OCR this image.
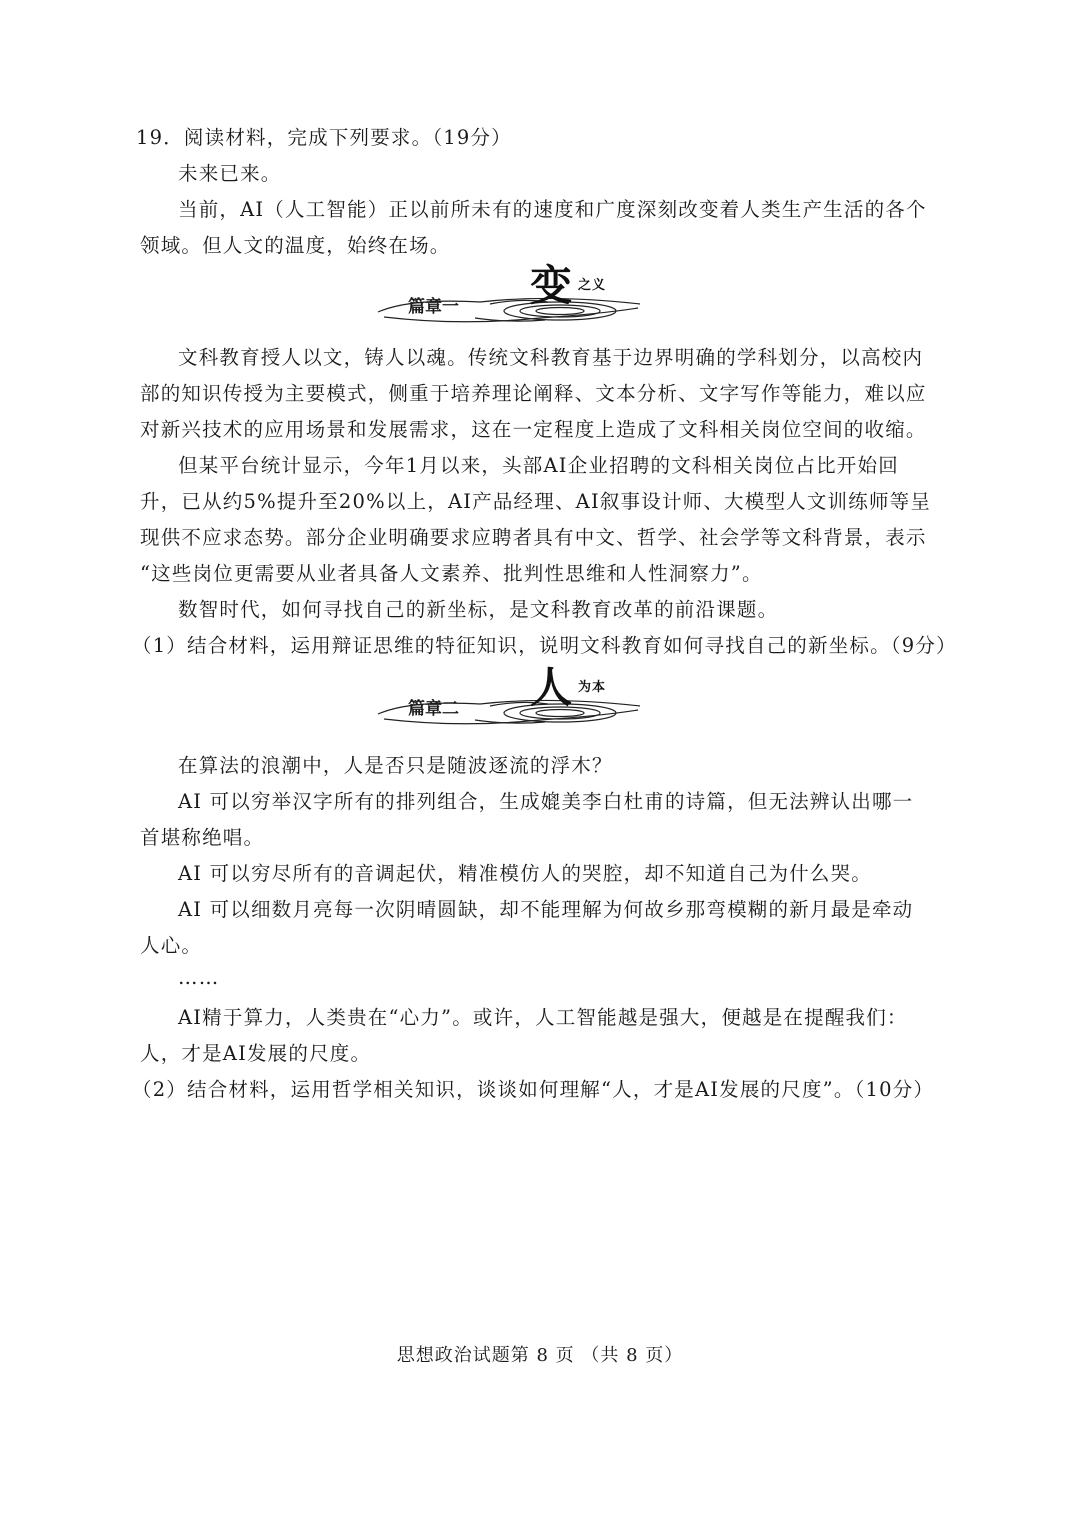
19．阅读材料，完成下列要求。（19分）
未来已来。
当前，AI（人工智能）正以前所未有的速度和广度深刻改变着人类生产生活的各个
领域。但人文的温度，始终在场。
篇章一 变 之义
文科教育授人以文，铸人以魂。传统文科教育基于边界明确的学科划分，以高校内
部的知识传授为主要模式，侧重于培养理论阐释、文本分析、文字写作等能力，难以应
对新兴技术的应用场景和发展需求，这在一定程度上造成了文科相关岗位空间的收缩。
但某平台统计显示，今年1月以来，头部AI企业招聘的文科相关岗位占比开始回
升，已从约5%提升至20%以上，AI产品经理、AI叙事设计师、大模型人文训练师等呈
现供不应求态势。部分企业明确要求应聘者具有中文、哲学、社会学等文科背景，表示
“这些岗位更需要从业者具备人文素养、批判性思维和人性洞察力”。
数智时代，如何寻找自己的新坐标，是文科教育改革的前沿课题。
（1）结合材料，运用辩证思维的特征知识，说明文科教育如何寻找自己的新坐标。（9分）
篇章二 人 为本
在算法的浪潮中，人是否只是随波逐流的浮木？
AI 可以穷举汉字所有的排列组合，生成媲美李白杜甫的诗篇，但无法辨认出哪一
首堪称绝唱。
AI 可以穷尽所有的音调起伏，精准模仿人的哭腔，却不知道自己为什么哭。
AI 可以细数月亮每一次阴晴圆缺，却不能理解为何故乡那弯模糊的新月最是牵动
人心。
……
AI精于算力，人类贵在“心力”。或许，人工智能越是强大，便越是在提醒我们：
人，才是AI发展的尺度。
（2）结合材料，运用哲学相关知识，谈谈如何理解“人，才是AI发展的尺度”。（10分）
思想政治试题第 8 页 （共 8 页）
